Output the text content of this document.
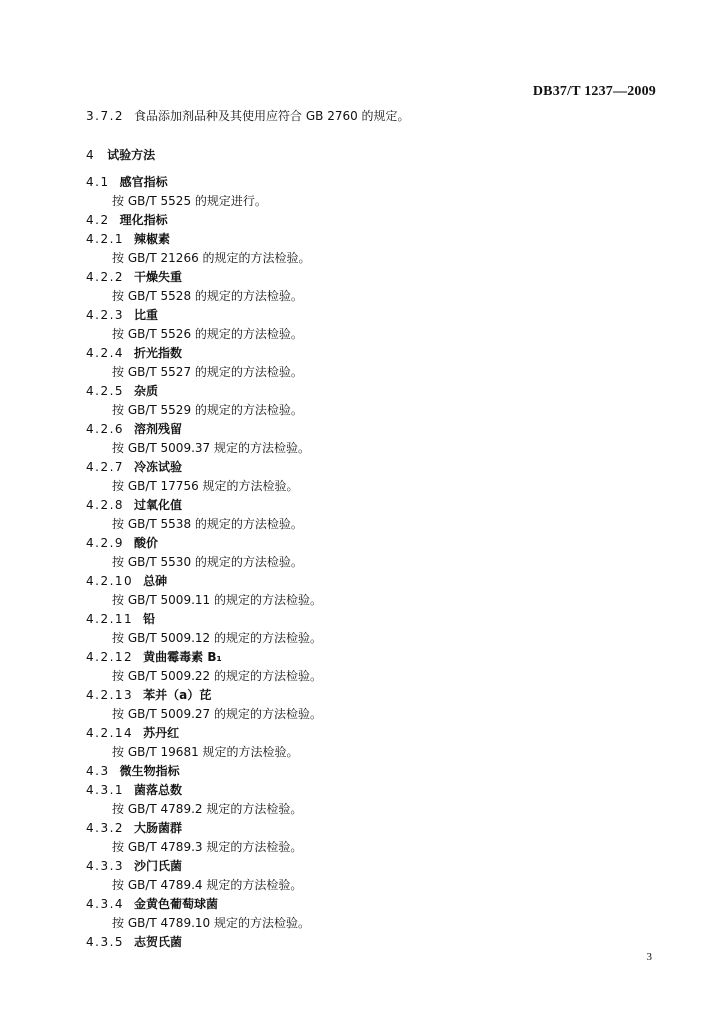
DB37/T 1237—2009
3.7.2 食品添加剂品种及其使用应符合 GB 2760 的规定。
4 试验方法
4.1 感官指标
按 GB/T 5525 的规定进行。
4.2 理化指标
4.2.1 辣椒素
按 GB/T 21266 的规定的方法检验。
4.2.2 干燥失重
按 GB/T 5528 的规定的方法检验。
4.2.3 比重
按 GB/T 5526 的规定的方法检验。
4.2.4 折光指数
按 GB/T 5527 的规定的方法检验。
4.2.5 杂质
按 GB/T 5529 的规定的方法检验。
4.2.6 溶剂残留
按 GB/T 5009.37 规定的方法检验。
4.2.7 冷冻试验
按 GB/T 17756 规定的方法检验。
4.2.8 过氧化值
按 GB/T 5538 的规定的方法检验。
4.2.9 酸价
按 GB/T 5530 的规定的方法检验。
4.2.10 总砷
按 GB/T 5009.11 的规定的方法检验。
4.2.11 铅
按 GB/T 5009.12 的规定的方法检验。
4.2.12 黄曲霉毒素 B₁
按 GB/T 5009.22 的规定的方法检验。
4.2.13 苯并（a）芘
按 GB/T 5009.27 的规定的方法检验。
4.2.14 苏丹红
按 GB/T 19681 规定的方法检验。
4.3 微生物指标
4.3.1 菌落总数
按 GB/T 4789.2 规定的方法检验。
4.3.2 大肠菌群
按 GB/T 4789.3 规定的方法检验。
4.3.3 沙门氏菌
按 GB/T 4789.4 规定的方法检验。
4.3.4 金黄色葡萄球菌
按 GB/T 4789.10 规定的方法检验。
4.3.5 志贺氏菌
3
